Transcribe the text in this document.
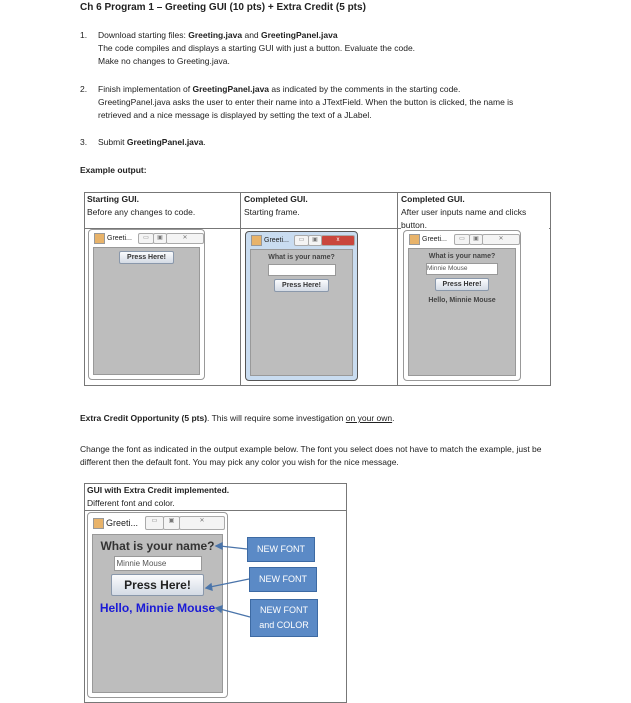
Ch 6 Program 1 – Greeting GUI (10 pts) + Extra Credit (5 pts)
1. Download starting files: Greeting.java and GreetingPanel.java
The code compiles and displays a starting GUI with just a button. Evaluate the code.
Make no changes to Greeting.java.
2. Finish implementation of GreetingPanel.java as indicated by the comments in the starting code.
GreetingPanel.java asks the user to enter their name into a JTextField. When the button is clicked, the name is
retrieved and a nice message is displayed by setting the text of a JLabel.
3. Submit GreetingPanel.java.
Example output:
Starting GUI.
Before any changes to code.
Completed GUI.
Starting frame.
Completed GUI.
After user inputs name and clicks button.
Greeti...	▭	▣	✕
Press Here!
Greeti...	▭	▣	x
What is your name?
Press Here!
Greeti...	▭	▣	✕
What is your name?
Minnie Mouse
Press Here!
Hello, Minnie Mouse
Extra Credit Opportunity (5 pts). This will require some investigation on your own.
Change the font as indicated in the output example below. The font you select does not have to match the example, just be
different then the default font. You may pick any color you wish for the nice message.
GUI with Extra Credit implemented.
Different font and color.
Greeti...	▭	▣	✕
What is your name?
Minnie Mouse
Press Here!
Hello, Minnie Mouse
NEW FONT
NEW FONT
NEW FONT and COLOR
